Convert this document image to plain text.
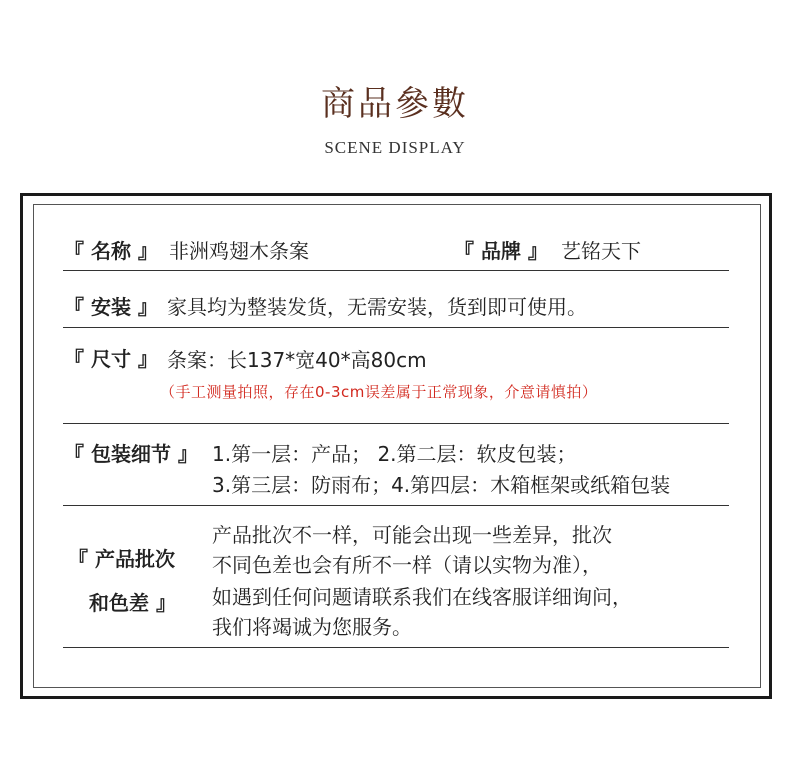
商品參數
SCENE DISPLAY
『 名称 』 非洲鸡翅木条案	『 品牌 』 艺铭天下
『 安装 』 家具均为整装发货，无需安装，货到即可使用。
『 尺寸 』 条案：长137*宽40*高80cm
（手工测量拍照，存在0-3cm误差属于正常现象，介意请慎拍）
『 包装细节 』 1.第一层：产品； 2.第二层：软皮包装；
3.第三层：防雨布；4.第四层：木箱框架或纸箱包装
『 产品批次
和色差 』
产品批次不一样，可能会出现一些差异，批次
不同色差也会有所不一样（请以实物为准），
如遇到任何问题请联系我们在线客服详细询问，
我们将竭诚为您服务。
